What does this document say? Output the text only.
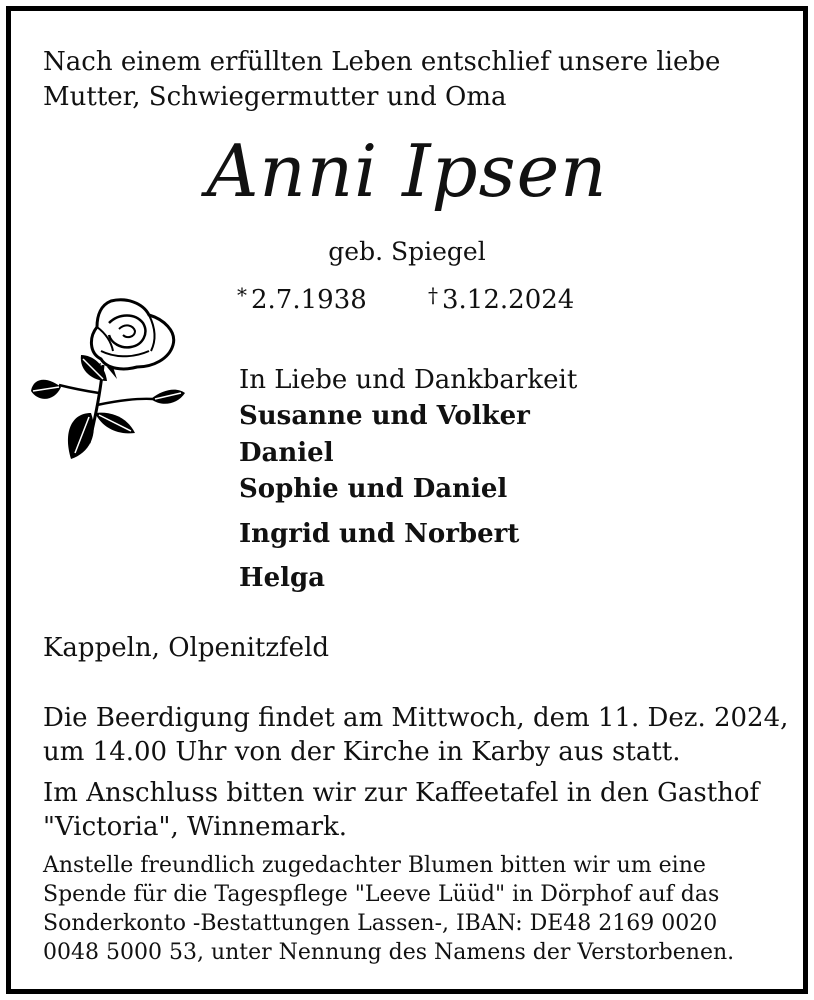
Nach einem erfüllten Leben entschlief unsere liebe
Mutter, Schwiegermutter und Oma
Anni Ipsen
geb. Spiegel
* 2.7.1938	† 3.12.2024
In Liebe und Dankbarkeit
Susanne und Volker
Daniel
Sophie und Daniel
Ingrid und Norbert
Helga
Kappeln, Olpenitzfeld
Die Beerdigung findet am Mittwoch, dem 11. Dez. 2024,
um 14.00 Uhr von der Kirche in Karby aus statt.
Im Anschluss bitten wir zur Kaffeetafel in den Gasthof
"Victoria", Winnemark.
Anstelle freundlich zugedachter Blumen bitten wir um eine
Spende für die Tagespflege "Leeve Lüüd" in Dörphof auf das
Sonderkonto -Bestattungen Lassen-, IBAN: DE48 2169 0020
0048 5000 53, unter Nennung des Namens der Verstorbenen.
